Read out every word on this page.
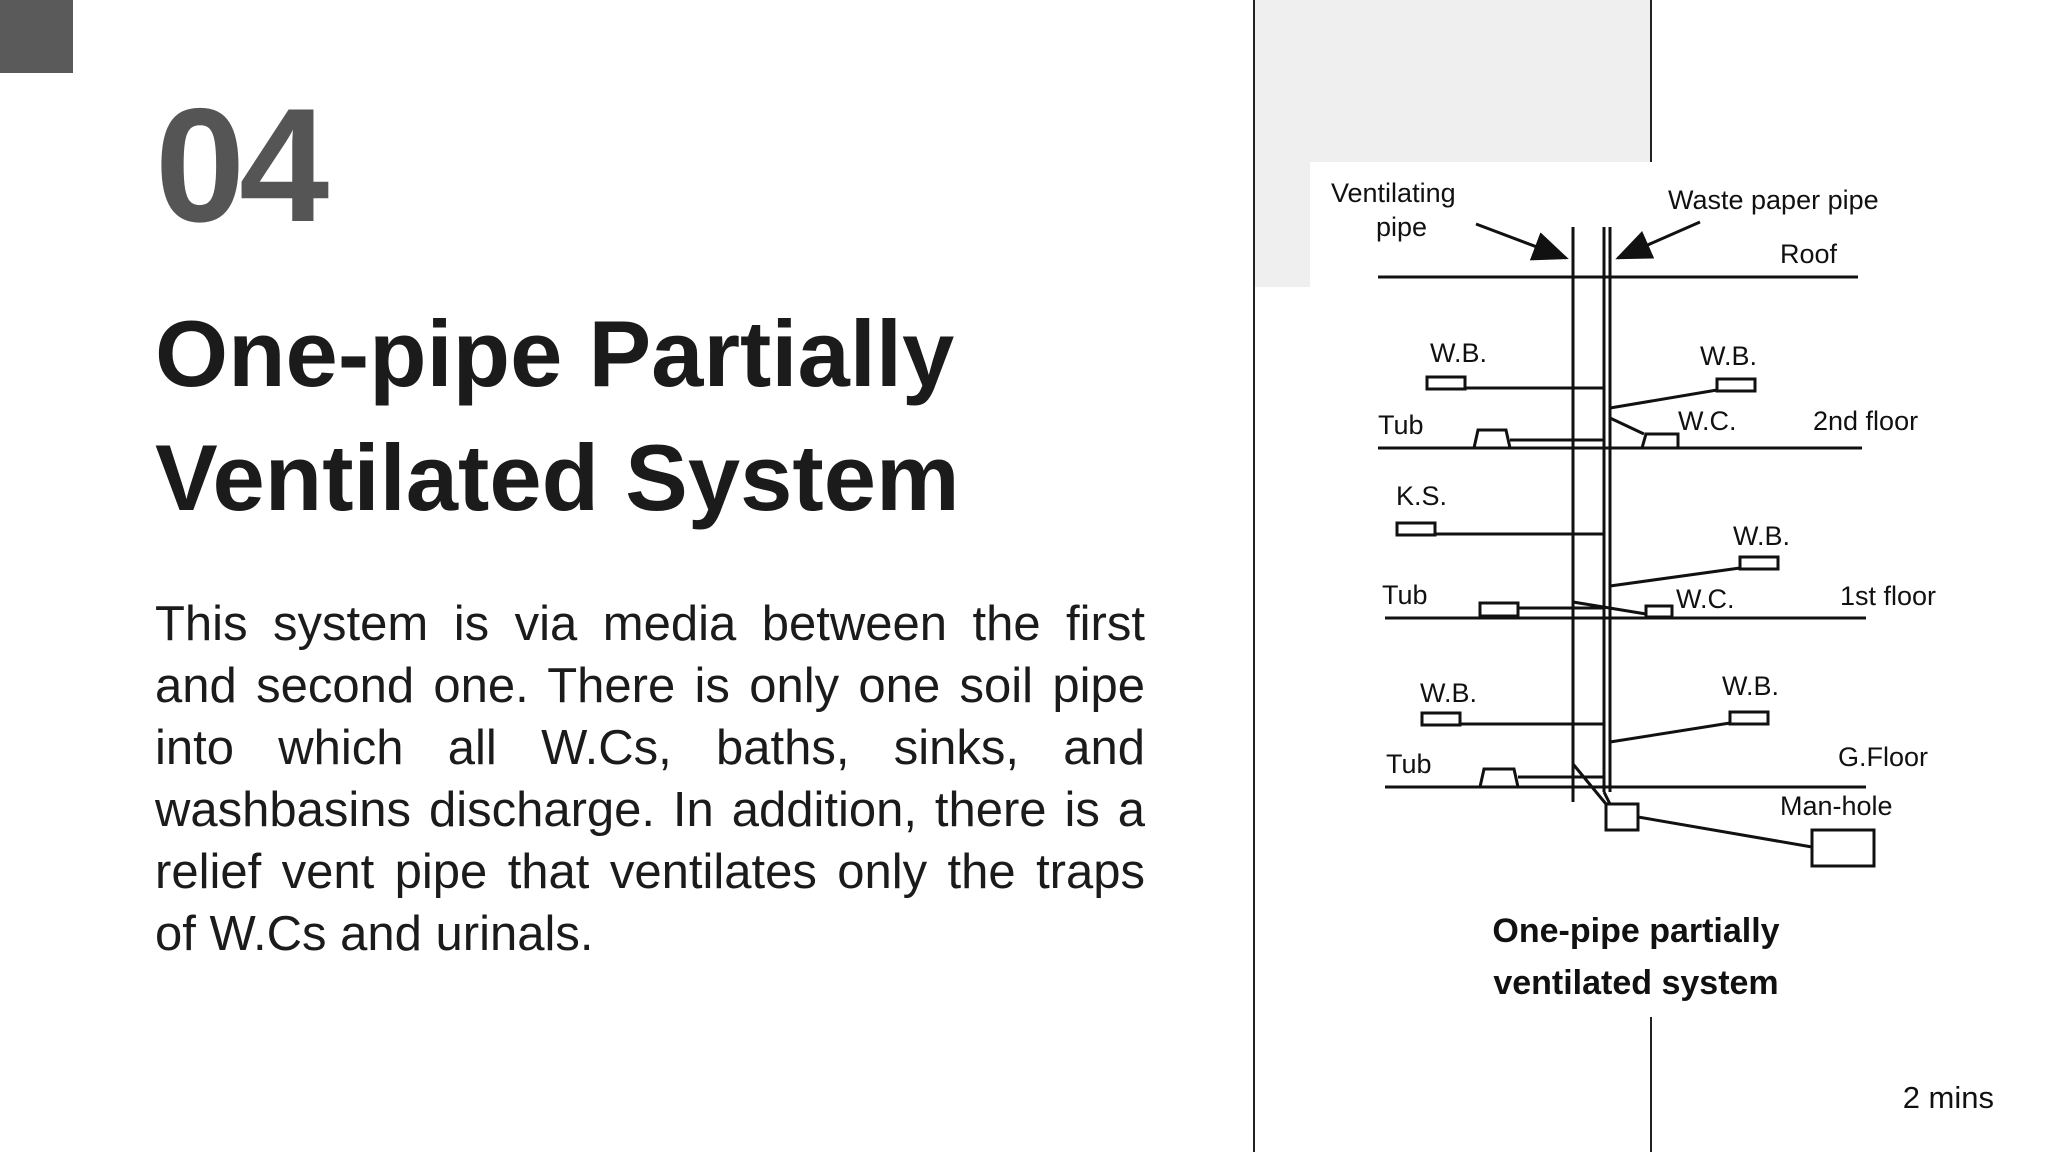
04
One-pipe Partially Ventilated System

This system is via media between the first and second one. There is only one soil pipe into which all W.Cs, baths, sinks, and washbasins discharge. In addition, there is a relief vent pipe that ventilates only the traps of W.Cs and urinals.

Ventilating
pipe
Waste paper pipe
Roof
W.B.	W.B.
Tub	W.C.	2nd floor
K.S.
W.B.
Tub	W.C.	1st floor
W.B.	W.B.
Tub	G.Floor
Man-hole
One-pipe partially
ventilated system
2 mins
